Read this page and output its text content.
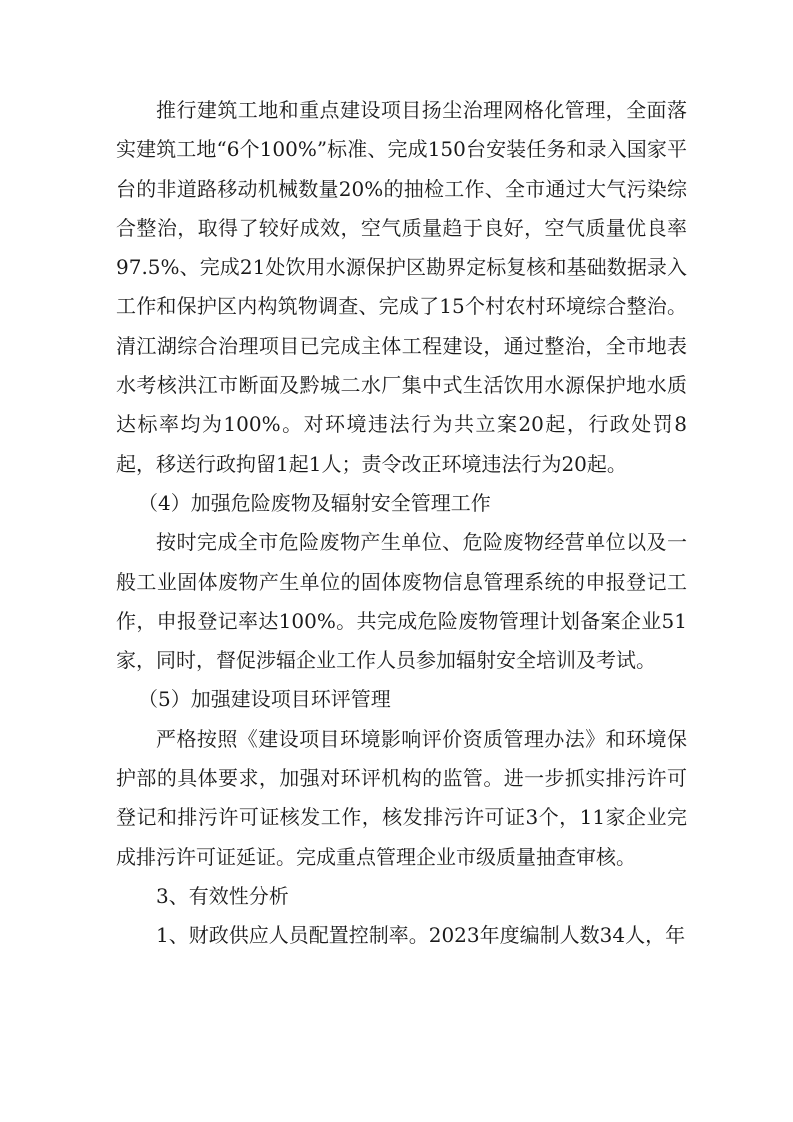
推行建筑工地和重点建设项目扬尘治理网格化管理，全面落实建筑工地“6个100%”标准、完成150台安装任务和录入国家平台的非道路移动机械数量20%的抽检工作、全市通过大气污染综合整治，取得了较好成效，空气质量趋于良好，空气质量优良率97.5%、完成21处饮用水源保护区勘界定标复核和基础数据录入工作和保护区内构筑物调查、完成了15个村农村环境综合整治。清江湖综合治理项目已完成主体工程建设，通过整治，全市地表水考核洪江市断面及黔城二水厂集中式生活饮用水源保护地水质达标率均为100%。对环境违法行为共立案20起，行政处罚8起，移送行政拘留1起1人；责令改正环境违法行为20起。

（4）加强危险废物及辐射安全管理工作

按时完成全市危险废物产生单位、危险废物经营单位以及一般工业固体废物产生单位的固体废物信息管理系统的申报登记工作，申报登记率达100%。共完成危险废物管理计划备案企业51家，同时，督促涉辐企业工作人员参加辐射安全培训及考试。

（5）加强建设项目环评管理

严格按照《建设项目环境影响评价资质管理办法》和环境保护部的具体要求，加强对环评机构的监管。进一步抓实排污许可登记和排污许可证核发工作，核发排污许可证3个，11家企业完成排污许可证延证。完成重点管理企业市级质量抽查审核。

3、有效性分析

1、财政供应人员配置控制率。2023年度编制人数34人，年
